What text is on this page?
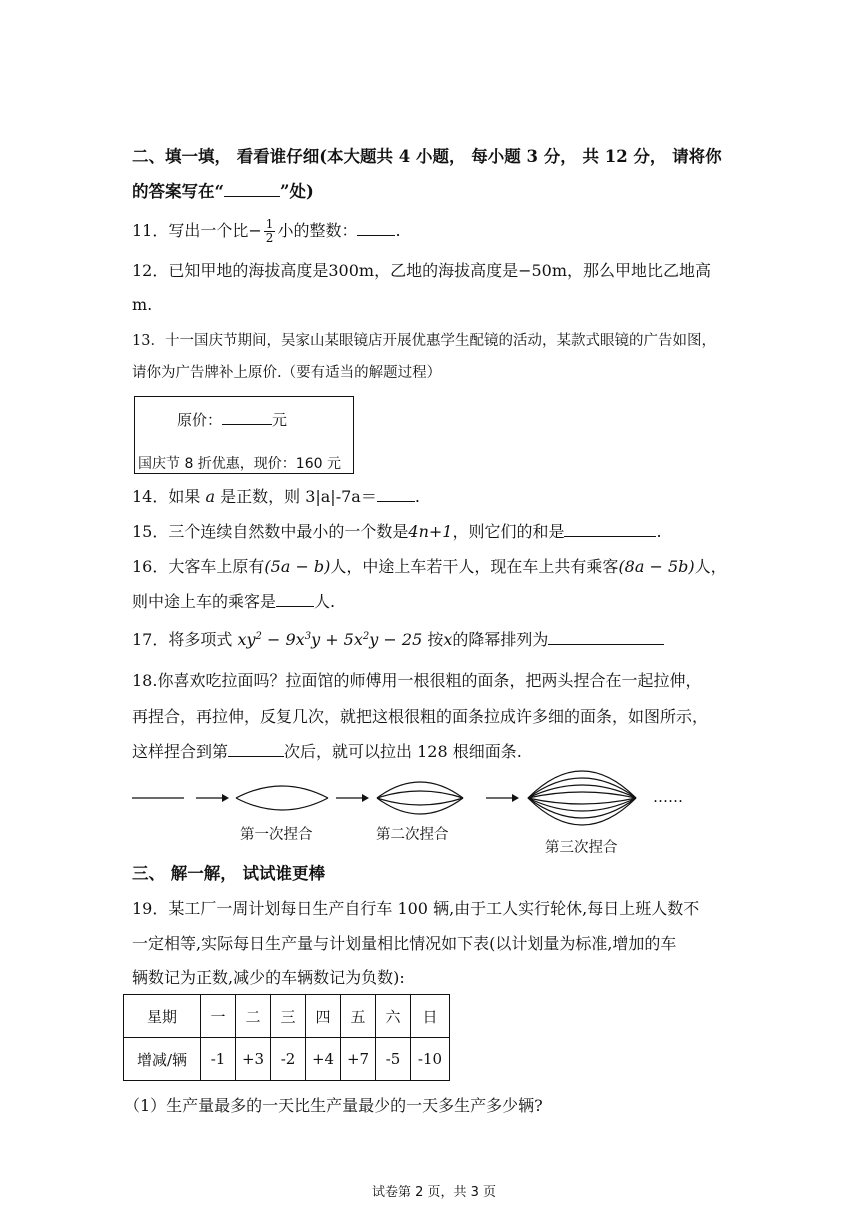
二、填一填， 看看谁仔细(本大题共 4 小题， 每小题 3 分， 共 12 分， 请将你
的答案写在“	”处)
11．写出一个比− $\frac{1}{2}$ 小的整数： .
12．已知甲地的海拔高度是300m，乙地的海拔高度是−50m，那么甲地比乙地高
m.
13．十一国庆节期间，吴家山某眼镜店开展优惠学生配镜的活动，某款式眼镜的广告如图，
请你为广告牌补上原价.（要有适当的解题过程）
原价：	元
国庆节 8 折优惠，现价：160 元
14．如果 a 是正数，则 3|a|-7a＝ .
15．三个连续自然数中最小的一个数是4n+1，则它们的和是	.
16．大客车上原有(5a − b)人，中途上车若干人，现在车上共有乘客(8a − 5b)人，
则中途上车的乘客是 人.
17．将多项式 $xy^2 - 9x^3y + 5x^2y - 25$ 按x的降幂排列为
18.你喜欢吃拉面吗？拉面馆的师傅用一根很粗的面条，把两头捏合在一起拉伸，
再捏合，再拉伸，反复几次，就把这根很粗的面条拉成许多细的面条，如图所示，
这样捏合到第	次后，就可以拉出 128 根细面条.
……
第一次捏合	第二次捏合
第三次捏合
三、 解一解， 试试谁更棒
19．某工厂一周计划每日生产自行车 100 辆,由于工人实行轮休,每日上班人数不
一定相等,实际每日生产量与计划量相比情况如下表(以计划量为标准,增加的车
辆数记为正数,减少的车辆数记为负数):
星期	一	二	三	四	五	六	日
增减/辆	-1	+3	-2	+4	+7	-5	-10
（1）生产量最多的一天比生产量最少的一天多生产多少辆?
试卷第 2 页，共 3 页
